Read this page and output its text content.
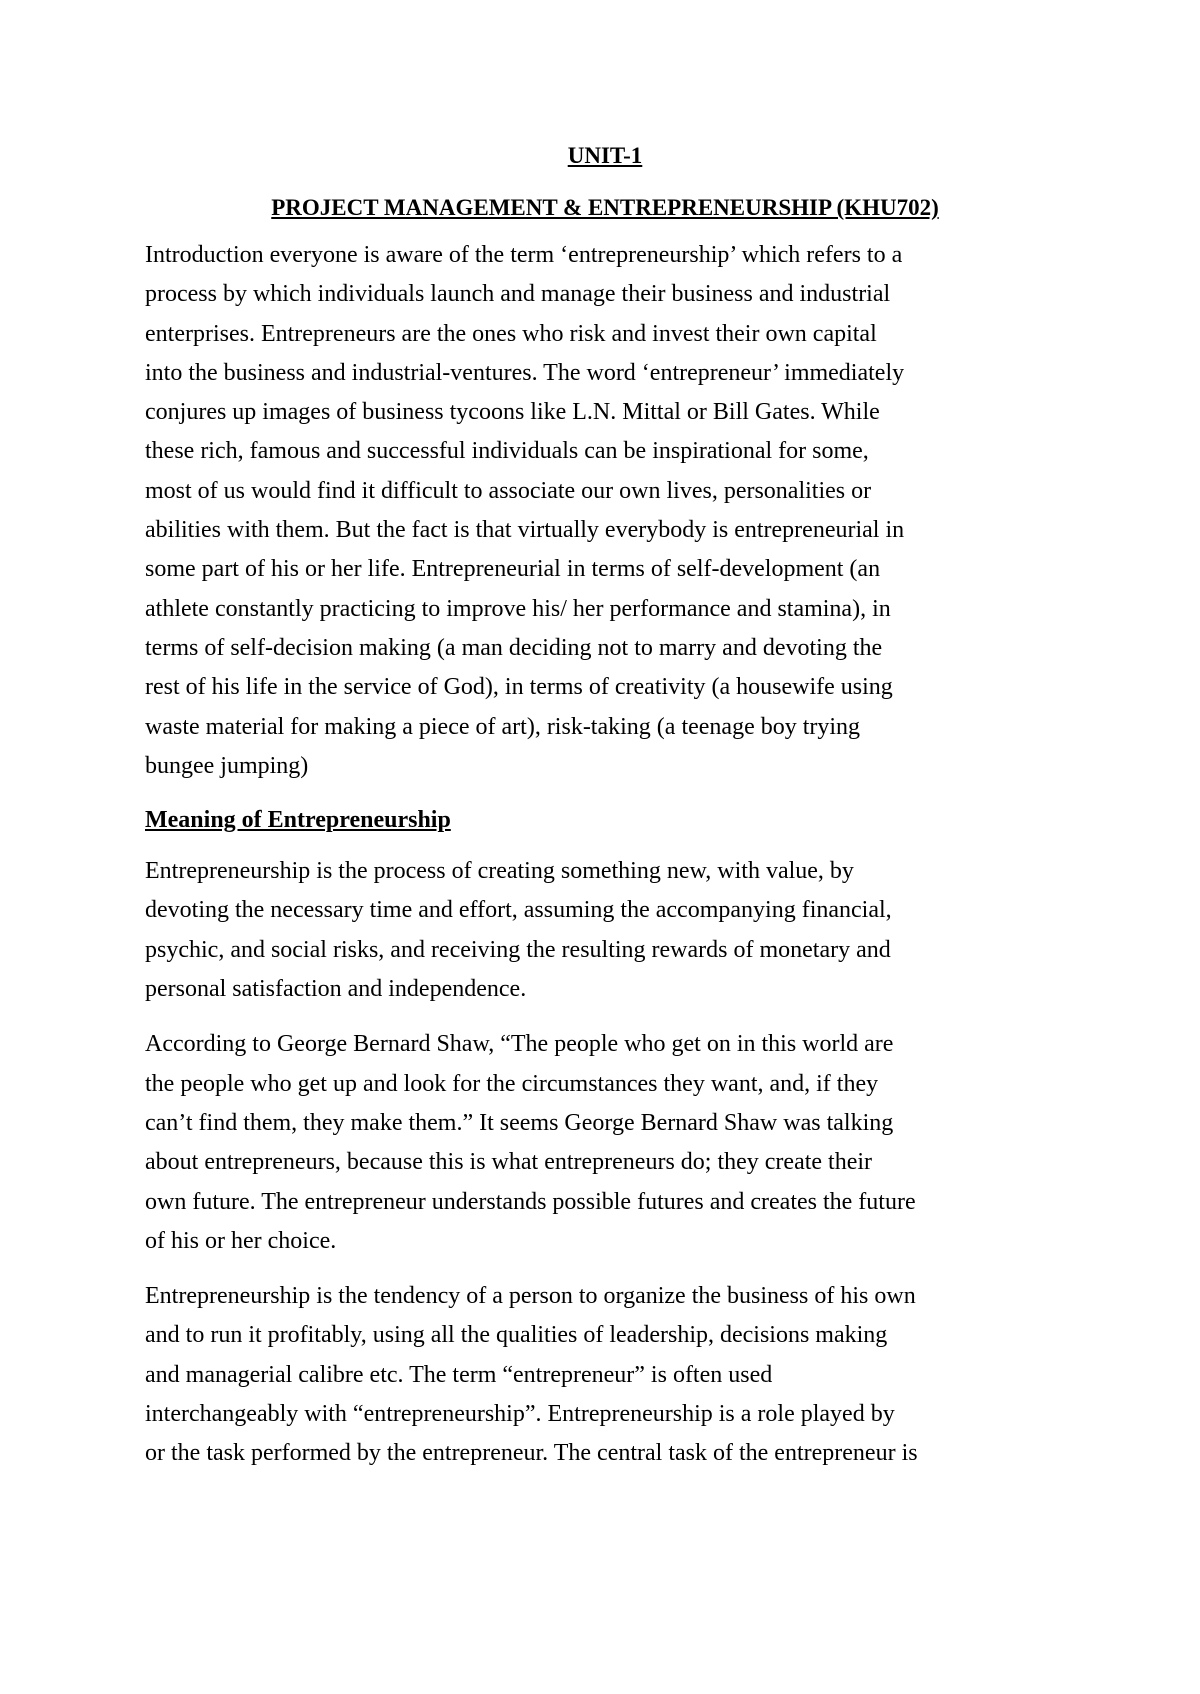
UNIT-1
PROJECT MANAGEMENT & ENTREPRENEURSHIP (KHU702)

Introduction everyone is aware of the term ‘entrepreneurship’ which refers to a
process by which individuals launch and manage their business and industrial
enterprises. Entrepreneurs are the ones who risk and invest their own capital
into the business and industrial-ventures. The word ‘entrepreneur’ immediately
conjures up images of business tycoons like L.N. Mittal or Bill Gates. While
these rich, famous and successful individuals can be inspirational for some,
most of us would find it difficult to associate our own lives, personalities or
abilities with them. But the fact is that virtually everybody is entrepreneurial in
some part of his or her life. Entrepreneurial in terms of self-development (an
athlete constantly practicing to improve his/ her performance and stamina), in
terms of self-decision making (a man deciding not to marry and devoting the
rest of his life in the service of God), in terms of creativity (a housewife using
waste material for making a piece of art), risk-taking (a teenage boy trying
bungee jumping)

Meaning of Entrepreneurship

Entrepreneurship is the process of creating something new, with value, by
devoting the necessary time and effort, assuming the accompanying financial,
psychic, and social risks, and receiving the resulting rewards of monetary and
personal satisfaction and independence.

According to George Bernard Shaw, “The people who get on in this world are
the people who get up and look for the circumstances they want, and, if they
can’t find them, they make them.” It seems George Bernard Shaw was talking
about entrepreneurs, because this is what entrepreneurs do; they create their
own future. The entrepreneur understands possible futures and creates the future
of his or her choice.

Entrepreneurship is the tendency of a person to organize the business of his own
and to run it profitably, using all the qualities of leadership, decisions making
and managerial calibre etc. The term “entrepreneur” is often used
interchangeably with “entrepreneurship”. Entrepreneurship is a role played by
or the task performed by the entrepreneur. The central task of the entrepreneur is
